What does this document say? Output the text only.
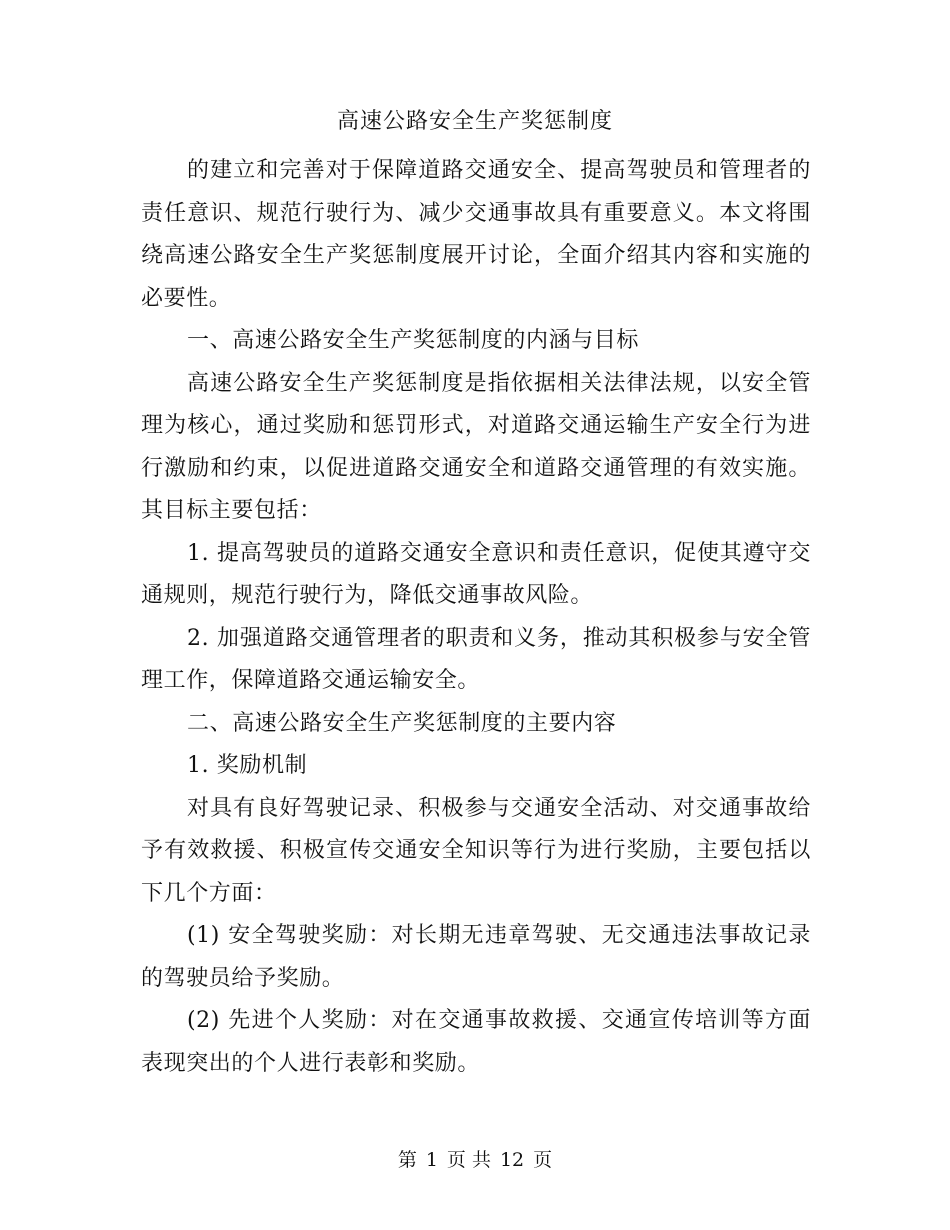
高速公路安全生产奖惩制度

的建立和完善对于保障道路交通安全、提高驾驶员和管理者的责任意识、规范行驶行为、减少交通事故具有重要意义。本文将围绕高速公路安全生产奖惩制度展开讨论，全面介绍其内容和实施的必要性。

一、高速公路安全生产奖惩制度的内涵与目标

高速公路安全生产奖惩制度是指依据相关法律法规，以安全管理为核心，通过奖励和惩罚形式，对道路交通运输生产安全行为进行激励和约束，以促进道路交通安全和道路交通管理的有效实施。其目标主要包括：

1. 提高驾驶员的道路交通安全意识和责任意识，促使其遵守交通规则，规范行驶行为，降低交通事故风险。

2. 加强道路交通管理者的职责和义务，推动其积极参与安全管理工作，保障道路交通运输安全。

二、高速公路安全生产奖惩制度的主要内容

1. 奖励机制

对具有良好驾驶记录、积极参与交通安全活动、对交通事故给予有效救援、积极宣传交通安全知识等行为进行奖励，主要包括以下几个方面：

(1) 安全驾驶奖励：对长期无违章驾驶、无交通违法事故记录的驾驶员给予奖励。

(2) 先进个人奖励：对在交通事故救援、交通宣传培训等方面表现突出的个人进行表彰和奖励。

第 1 页 共 12 页
